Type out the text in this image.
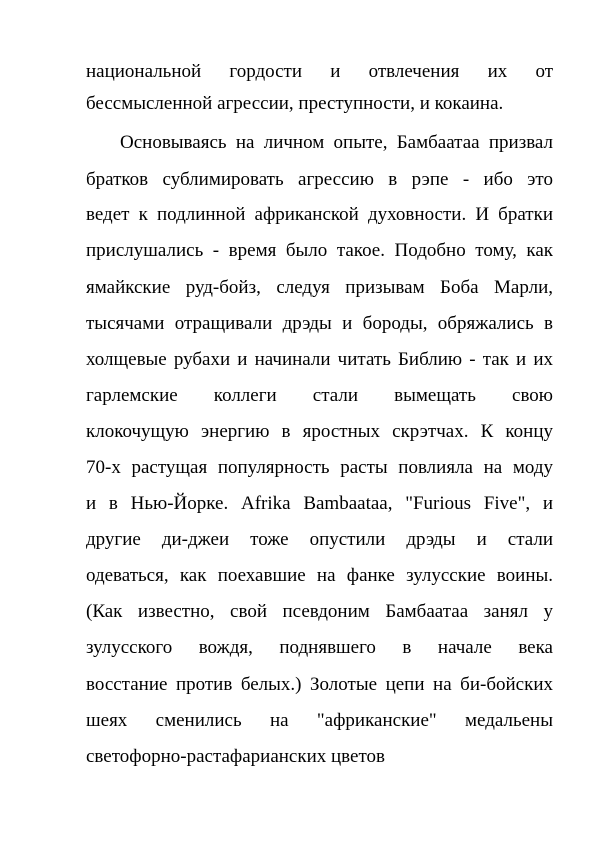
национальной гордости и отвлечения их от
бессмысленной агрессии, преступности, и кокаина.
Основываясь на личном опыте, Бамбаатаа призвал
братков сублимировать агрессию в рэпе - ибо это
ведет к подлинной африканской духовности. И братки
прислушались - время было такое. Подобно тому, как
ямайкские руд-бойз, следуя призывам Боба Марли,
тысячами отращивали дрэды и бороды, обряжались в
холщевые рубахи и начинали читать Библию - так и их
гарлемские коллеги стали вымещать свою
клокочущую энергию в яростных скрэтчах. К концу
70-х растущая популярность расты повлияла на моду
и в Нью-Йорке. Afrika Bambaataa, "Furious Five", и
другие ди-джеи тоже опустили дрэды и стали
одеваться, как поехавшие на фанке зулусские воины.
(Как известно, свой псевдоним Бамбаатаа занял у
зулусского вождя, поднявшего в начале века
восстание против белых.) Золотые цепи на би-бойских
шеях сменились на "африканские" медальены
светофорно-растафарианских цветов
